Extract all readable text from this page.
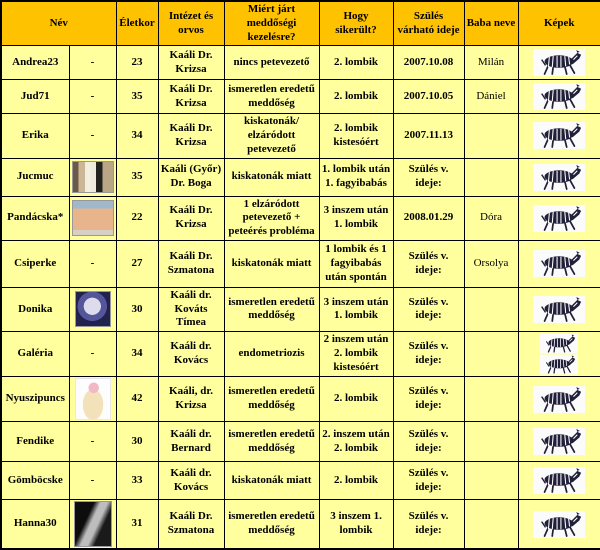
Név		Életkor	Intézet és orvos	Miért járt meddőségi kezelésre?	Hogy sikerült?	Szülés várható ideje	Baba neve	Képek
Andrea23	-	23	Kaáli Dr. Krizsa	nincs petevezető	2. lombik	2007.10.08	Milán	
Jud71	-	35	Kaáli Dr. Krizsa	ismeretlen eredetű meddőség	2. lombik	2007.10.05	Dániel	
Erika	-	34	Kaáli Dr. Krizsa	kiskatonák/ elzáródott petevezető	2. lombik kistesóért	2007.11.13		
Jucmuc		35	Kaáli (Győr) Dr. Boga	kiskatonák miatt	1. lombik után 1. fagyibabás	Szülés v. ideje:		
Pandácska*		22	Kaáli Dr. Krizsa	1 elzáródott petevezető + peteérés probléma	3 inszem után 1. lombik	2008.01.29	Dóra	
Csiperke	-	27	Kaáli Dr. Szmatona	kiskatonák miatt	1 lombik és 1 fagyibabás után spontán	Szülés v. ideje:	Orsolya	
Donika		30	Kaáli dr. Kováts Tímea	ismeretlen eredetű meddőség	3 inszem után 1. lombik	Szülés v. ideje:		
Galéria	-	34	Kaáli dr. Kovács	endometriozis	2 inszem után 2. lombik kistesóért	Szülés v. ideje:		
Nyuszipuncs		42	Kaáli, dr. Krizsa	ismeretlen eredetű meddőség	2. lombik	Szülés v. ideje:		
Fendike	-	30	Kaáli dr. Bernard	ismeretlen eredetű meddőség	2. inszem után 2. lombik	Szülés v. ideje:		
Gömböcske	-	33	Kaáli dr. Kovács	kiskatonák miatt	2. lombik	Szülés v. ideje:		
Hanna30		31	Kaáli Dr. Szmatona	ismeretlen eredetű meddőség	3 inszem 1. lombik	Szülés v. ideje:		
